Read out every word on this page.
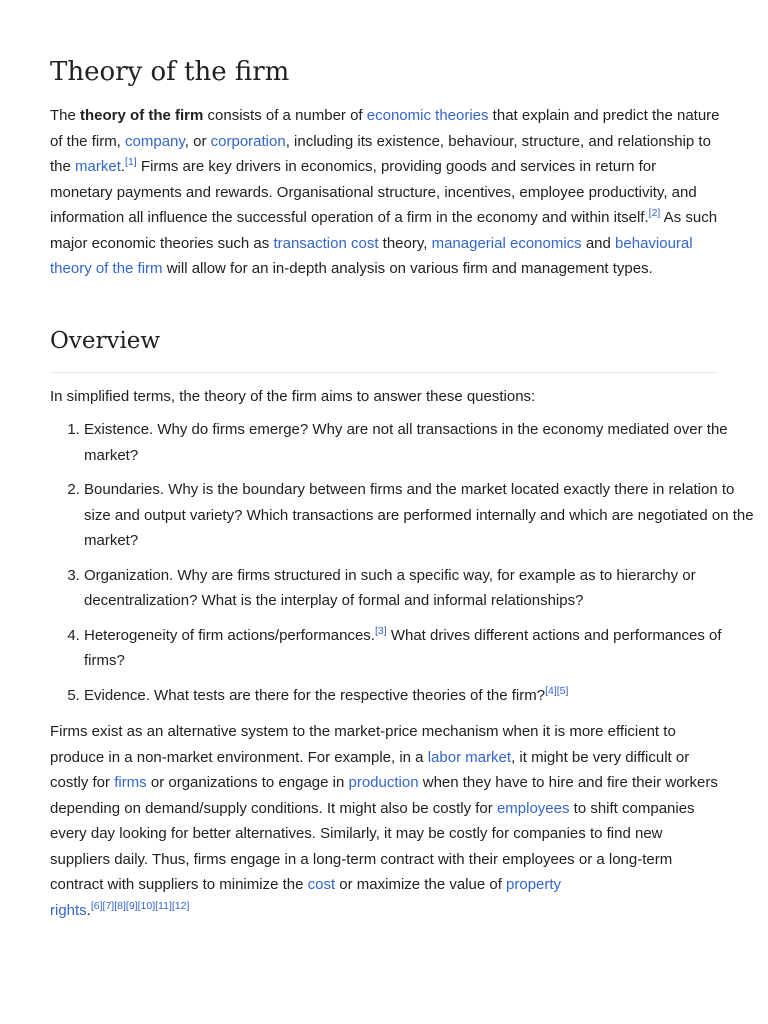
Theory of the firm

The theory of the firm consists of a number of economic theories that explain and predict the nature of the firm, company, or corporation, including its existence, behaviour, structure, and relationship to the market.[1] Firms are key drivers in economics, providing goods and services in return for monetary payments and rewards. Organisational structure, incentives, employee productivity, and information all influence the successful operation of a firm in the economy and within itself.[2] As such major economic theories such as transaction cost theory, managerial economics and behavioural theory of the firm will allow for an in-depth analysis on various firm and management types.

Overview

In simplified terms, the theory of the firm aims to answer these questions:

1. Existence. Why do firms emerge? Why are not all transactions in the economy mediated over the market?
2. Boundaries. Why is the boundary between firms and the market located exactly there in relation to size and output variety? Which transactions are performed internally and which are negotiated on the market?
3. Organization. Why are firms structured in such a specific way, for example as to hierarchy or decentralization? What is the interplay of formal and informal relationships?
4. Heterogeneity of firm actions/performances.[3] What drives different actions and performances of firms?
5. Evidence. What tests are there for the respective theories of the firm?[4][5]

Firms exist as an alternative system to the market-price mechanism when it is more efficient to produce in a non-market environment. For example, in a labor market, it might be very difficult or costly for firms or organizations to engage in production when they have to hire and fire their workers depending on demand/supply conditions. It might also be costly for employees to shift companies every day looking for better alternatives. Similarly, it may be costly for companies to find new suppliers daily. Thus, firms engage in a long-term contract with their employees or a long-term contract with suppliers to minimize the cost or maximize the value of property
rights.[6][7][8][9][10][11][12]
